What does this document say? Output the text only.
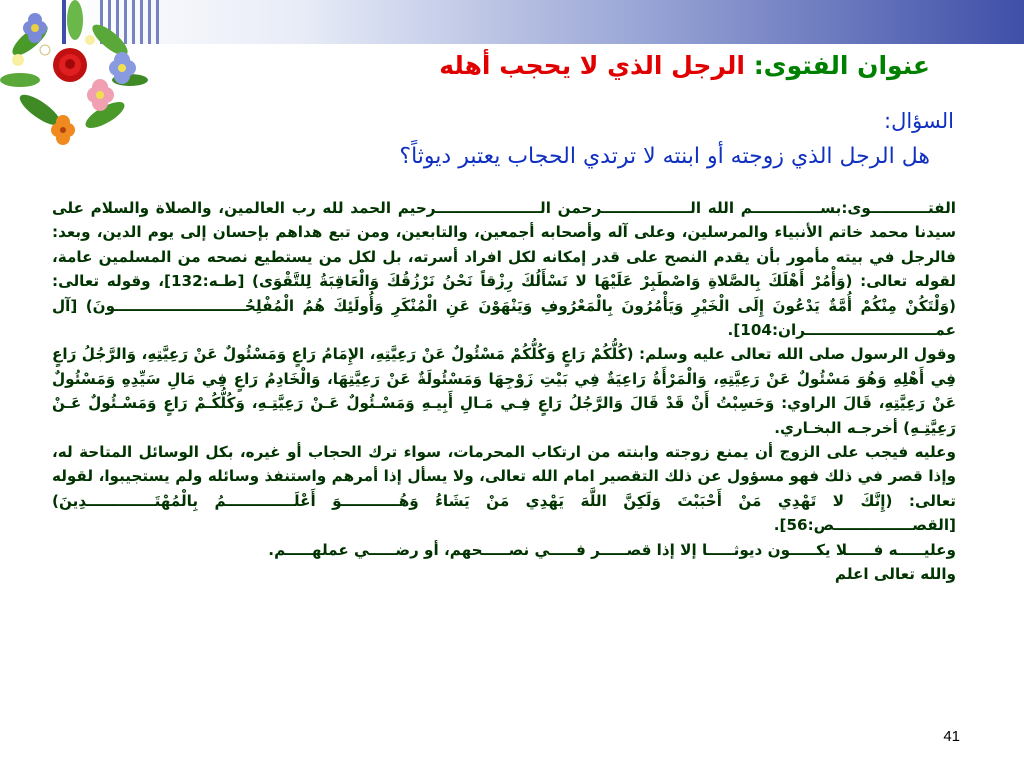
عنوان الفتوى: الرجل الذي لا يحجب أهله
السؤال:
هل الرجل الذي زوجته أو ابنته لا ترتدي الحجاب يعتبر ديوثاً؟

الفتـــــــــــوى:بســـــــــــــم الله الـــــــــــــــــرحمن الــــــــــــــــــــرحيم الحمد لله رب العالمين، والصلاة والسلام على سيدنا محمد خاتم الأنبياء والمرسلين، وعلى آله وأصحابه أجمعين، والتابعين، ومن تبع هداهم بإحسان إلى يوم الدين، وبعد: فالرجل في بيته مأمور بأن يقدم النصح على قدر إمكانه لكل افراد أسرته، بل لكل من يستطيع نصحه من المسلمين عامة، لقوله تعالى: (وَأْمُرْ أَهْلَكَ بِالصَّلاةِ وَاصْطَبِرْ عَلَيْهَا لا نَسْأَلُكَ رِزْقاً نَحْنُ نَرْزُقُكَ وَالْعَاقِبَةُ لِلتَّقْوَى) [طـه:132]، وقوله تعالى: (وَلْتَكُنْ مِنْكُمْ أُمَّةٌ يَدْعُونَ إِلَى الْخَيْرِ وَيَأْمُرُونَ بِالْمَعْرُوفِ وَيَنْهَوْنَ عَنِ الْمُنْكَرِ وَأُولَئِكَ هُمُ الْمُفْلِحُـــــــــــــــــــــــــونَ) [آل عمـــــــــــــــــــــــــران:104].

وقول الرسول صلى الله تعالى عليه وسلم: (كُلُّكُمْ رَاعٍ وَكُلُّكُمْ مَسْئُولٌ عَنْ رَعِيَّتِهِ، الإِمَامُ رَاعٍ وَمَسْئُولٌ عَنْ رَعِيَّتِهِ، وَالرَّجُلُ رَاعٍ فِي أَهْلِهِ وَهُوَ مَسْئُولٌ عَنْ رَعِيَّتِهِ، وَالْمَرْأَةُ رَاعِيَةٌ فِي بَيْتِ زَوْجِهَا وَمَسْئُولَةٌ عَنْ رَعِيَّتِهَا، وَالْخَادِمُ رَاعٍ فِي مَالِ سَيِّدِهِ وَمَسْئُولٌ عَنْ رَعِيَّتِهِ، قَالَ الراوي: وَحَسِبْتُ أَنْ قَدْ قَالَ وَالرَّجُلُ رَاعٍ فِـي مَـالِ أَبِيـهِ وَمَسْـئُولٌ عَـنْ رَعِيَّتِـهِ، وَكُلُّكُـمْ رَاعٍ وَمَسْـئُولٌ عَـنْ رَعِيَّتِـهِ) أخرجـه البخـاري.

وعليه فيجب على الزوج أن يمنع زوجته وابنته من ارتكاب المحرمات، سواء ترك الحجاب أو غيره، بكل الوسائل المتاحة له، وإذا قصر في ذلك فهو مسؤول عن ذلك التقصير امام الله تعالى، ولا يسأل إذا أمرهم واستنفذ وسائله ولم يستجيبوا، لقوله تعالى: (إِنَّكَ لا تَهْدِي مَنْ أَحْبَبْتَ وَلَكِنَّ اللَّهَ يَهْدِي مَنْ يَشَاءُ وَهُـــــــــــوَ أَعْلَـــــــــــــمُ بِالْمُهْتَـــــــــــــدِينَ) [القصـــــــــــــــص:56].

وعليـــــه فـــــلا يكـــــون ديوثـــــا إلا إذا قصـــــر فـــــي نصـــــحهم، أو رضـــــي عملهـــــم.

والله تعالى اعلم

41
